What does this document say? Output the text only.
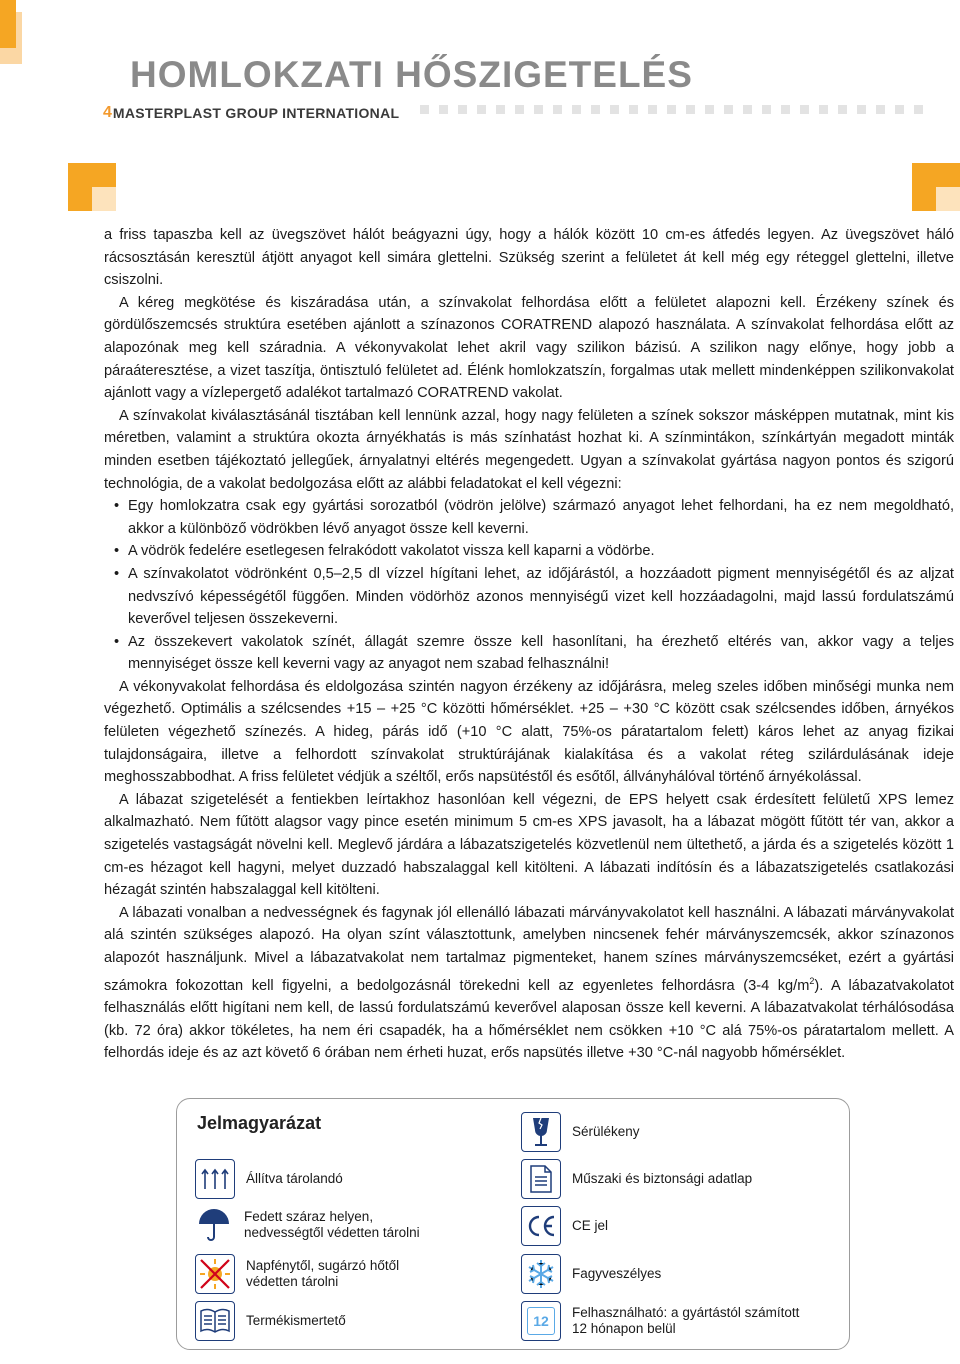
HOMLOKZATI HŐSZIGETELÉS
4 MASTERPLAST GROUP INTERNATIONAL

a friss tapaszba kell az üvegszövet hálót beágyazni úgy, hogy a hálók között 10 cm-es átfedés legyen. Az üvegszövet háló rácsosztásán keresztül átjött anyagot kell simára glettelni. Szükség szerint a felületet át kell még egy réteggel glettelni, illetve csiszolni.

A kéreg megkötése és kiszáradása után, a színvakolat felhordása előtt a felületet alapozni kell. Érzékeny színek és gördülőszemcsés struktúra esetében ajánlott a színazonos CORATREND alapozó használata. A színvakolat felhordása előtt az alapozónak meg kell száradnia. A vékonyvakolat lehet akril vagy szilikon bázisú. A szilikon nagy előnye, hogy jobb a páraáteresztése, a vizet taszítja, öntisztuló felületet ad. Élénk homlokzatszín, forgalmas utak mellett mindenképpen szilikonvakolat ajánlott vagy a vízlepergető adalékot tartalmazó CORATREND vakolat.

A színvakolat kiválasztásánál tisztában kell lennünk azzal, hogy nagy felületen a színek sokszor másképpen mutatnak, mint kis méretben, valamint a struktúra okozta árnyékhatás is más színhatást hozhat ki. A színmintákon, színkártyán megadott minták minden esetben tájékoztató jellegűek, árnyalatnyi eltérés megengedett. Ugyan a színvakolat gyártása nagyon pontos és szigorú technológia, de a vakolat bedolgozása előtt az alábbi feladatokat el kell végezni:

• Egy homlokzatra csak egy gyártási sorozatból (vödrön jelölve) származó anyagot lehet felhordani, ha ez nem megoldható, akkor a különböző vödrökben lévő anyagot össze kell keverni.
• A vödrök fedelére esetlegesen felrakódott vakolatot vissza kell kaparni a vödörbe.
• A színvakolatot vödrönként 0,5–2,5 dl vízzel hígítani lehet, az időjárástól, a hozzáadott pigment mennyiségétől és az aljzat nedvszívó képességétől függően. Minden vödörhöz azonos mennyiségű vizet kell hozzáadagolni, majd lassú fordulatszámú keverővel teljesen összekeverni.
• Az összekevert vakolatok színét, állagát szemre össze kell hasonlítani, ha érezhető eltérés van, akkor vagy a teljes mennyiséget össze kell keverni vagy az anyagot nem szabad felhasználni!

A vékonyvakolat felhordása és eldolgozása szintén nagyon érzékeny az időjárásra, meleg szeles időben minőségi munka nem végezhető. Optimális a szélcsendes +15 – +25 °C közötti hőmérséklet. +25 – +30 °C között csak szélcsendes időben, árnyékos felületen végezhető színezés. A hideg, párás idő (+10 °C alatt, 75%-os páratartalom felett) káros lehet az anyag fizikai tulajdonságaira, illetve a felhordott színvakolat struktúrájának kialakítása és a vakolat réteg szilárdulásának ideje meghosszabbodhat. A friss felületet védjük a széltől, erős napsütéstől és esőtől, állványhálóval történő árnyékolással.

A lábazat szigetelését a fentiekben leírtakhoz hasonlóan kell végezni, de EPS helyett csak érdesített felületű XPS lemez alkalmazható. Nem fűtött alagsor vagy pince esetén minimum 5 cm-es XPS javasolt, ha a lábazat mögött fűtött tér van, akkor a szigetelés vastagságát növelni kell. Meglevő járdára a lábazatszigetelés közvetlenül nem ültethető, a járda és a szigetelés között 1 cm-es hézagot kell hagyni, melyet duzzadó habszalaggal kell kitölteni. A lábazati indítósín és a lábazatszigetelés csatlakozási hézagát szintén habszalaggal kell kitölteni.

A lábazati vonalban a nedvességnek és fagynak jól ellenálló lábazati márványvakolatot kell használni. A lábazati márványvakolat alá szintén szükséges alapozó. Ha olyan színt választottunk, amelyben nincsenek fehér márványszemcsék, akkor színazonos alapozót használjunk. Mivel a lábazatvakolat nem tartalmaz pigmenteket, hanem színes márványszemcséket, ezért a gyártási számokra fokozottan kell figyelni, a bedolgozásnál törekedni kell az egyenletes felhordásra (3-4 $kg/m^2$). A lábazatvakolatot felhasználás előtt higítani nem kell, de lassú fordulatszámú keverővel alaposan össze kell keverni. A lábazatvakolat térhálósodása (kb. 72 óra) akkor tökéletes, ha nem éri csapadék, ha a hőmérséklet nem csökken +10 °C alá 75%-os páratartalom mellett. A felhordás ideje és az azt követő 6 órában nem érheti huzat, erős napsütés illetve +30 °C-nál nagyobb hőmérséklet.

Jelmagyarázat
Állítva tárolandó
Fedett száraz helyen,
nedvességtől védetten tárolni
Napfénytől, sugárzó hőtől
védetten tárolni
Termékismertető
Sérülékeny
Műszaki és biztonsági adatlap
CE jel
Fagyveszélyes
12
Felhasználható: a gyártástól számított
12 hónapon belül
